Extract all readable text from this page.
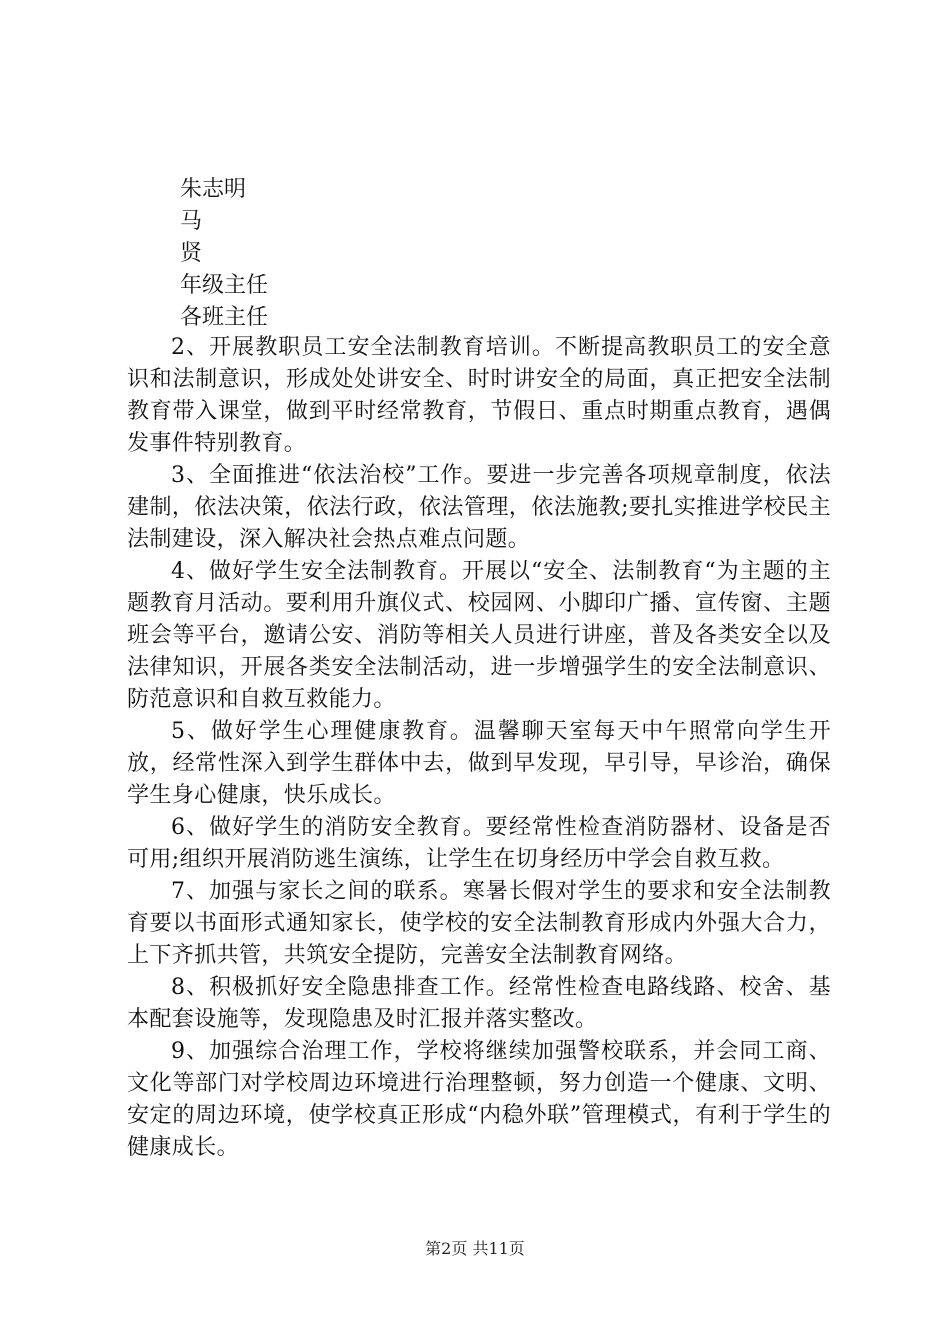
朱志明
马
贤
年级主任
各班主任

2、开展教职员工安全法制教育培训。不断提高教职员工的安全意识和法制意识，形成处处讲安全、时时讲安全的局面，真正把安全法制教育带入课堂，做到平时经常教育，节假日、重点时期重点教育，遇偶发事件特别教育。

3、全面推进“依法治校”工作。要进一步完善各项规章制度，依法建制，依法决策，依法行政，依法管理，依法施教;要扎实推进学校民主法制建设，深入解决社会热点难点问题。

4、做好学生安全法制教育。开展以“安全、法制教育“为主题的主题教育月活动。要利用升旗仪式、校园网、小脚印广播、宣传窗、主题班会等平台，邀请公安、消防等相关人员进行讲座，普及各类安全以及法律知识，开展各类安全法制活动，进一步增强学生的安全法制意识、防范意识和自救互救能力。

5、做好学生心理健康教育。温馨聊天室每天中午照常向学生开放，经常性深入到学生群体中去，做到早发现，早引导，早诊治，确保学生身心健康，快乐成长。

6、做好学生的消防安全教育。要经常性检查消防器材、设备是否可用;组织开展消防逃生演练，让学生在切身经历中学会自救互救。

7、加强与家长之间的联系。寒暑长假对学生的要求和安全法制教育要以书面形式通知家长，使学校的安全法制教育形成内外强大合力，上下齐抓共管，共筑安全提防，完善安全法制教育网络。

8、积极抓好安全隐患排查工作。经常性检查电路线路、校舍、基本配套设施等，发现隐患及时汇报并落实整改。

9、加强综合治理工作，学校将继续加强警校联系，并会同工商、文化等部门对学校周边环境进行治理整顿，努力创造一个健康、文明、安定的周边环境，使学校真正形成“内稳外联”管理模式，有利于学生的健康成长。

第2页 共11页
